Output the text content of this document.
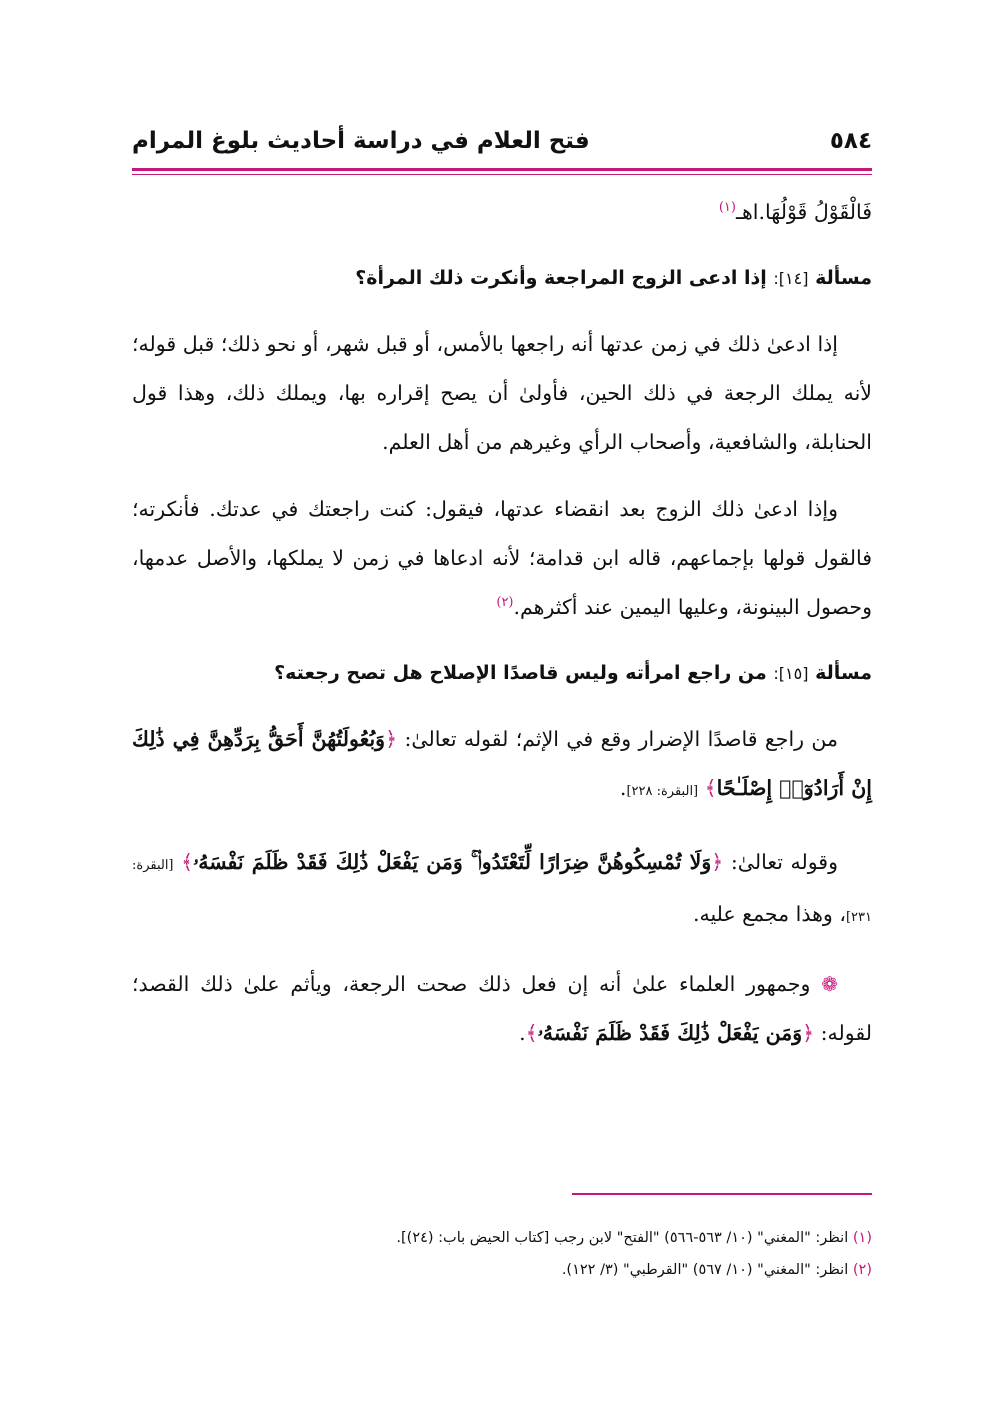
٥٨٤
فتح العلام في دراسة أحاديث بلوغ المرام

فَالْقَوْلُ قَوْلُهَا.اهـ$^{(١)}$

مسألة [١٤]: إذا ادعى الزوج المراجعة وأنكرت ذلك المرأة؟

إذا ادعىٰ ذلك في زمن عدتها أنه راجعها بالأمس، أو قبل شهر، أو نحو ذلك؛ قبل قوله؛ لأنه يملك الرجعة في ذلك الحين، فأولىٰ أن يصح إقراره بها، ويملك ذلك، وهذا قول الحنابلة، والشافعية، وأصحاب الرأي وغيرهم من أهل العلم.

وإذا ادعىٰ ذلك الزوج بعد انقضاء عدتها، فيقول: كنت راجعتك في عدتك. فأنكرته؛ فالقول قولها بإجماعهم، قاله ابن قدامة؛ لأنه ادعاها في زمن لا يملكها، والأصل عدمها، وحصول البينونة، وعليها اليمين عند أكثرهم.$^{(٢)}$

مسألة [١٥]: من راجع امرأته وليس قاصدًا الإصلاح هل تصح رجعته؟

من راجع قاصدًا الإضرار وقع في الإثم؛ لقوله تعالىٰ: ﴿وَبُعُولَتُهُنَّ أَحَقُّ بِرَدِّهِنَّ فِي ذَٰلِكَ إِنْ أَرَادُوٓا۟ إِصْلَـٰحًا﴾ [البقرة: ٢٢٨].

وقوله تعالىٰ: ﴿وَلَا تُمْسِكُوهُنَّ ضِرَارًا لِّتَعْتَدُوا۟ ۚ وَمَن يَفْعَلْ ذَٰلِكَ فَقَدْ ظَلَمَ نَفْسَهُۥ﴾ [البقرة: ٢٣١]، وهذا مجمع عليه.

❁ وجمهور العلماء علىٰ أنه إن فعل ذلك صحت الرجعة، ويأثم علىٰ ذلك القصد؛ لقوله: ﴿وَمَن يَفْعَلْ ذَٰلِكَ فَقَدْ ظَلَمَ نَفْسَهُۥ﴾.

(١) انظر: "المغني" (١٠/ ٥٦٣-٥٦٦) "الفتح" لابن رجب [كتاب الحيض باب: (٢٤)].

(٢) انظر: "المغني" (١٠/ ٥٦٧) "القرطبي" (٣/ ١٢٢).
